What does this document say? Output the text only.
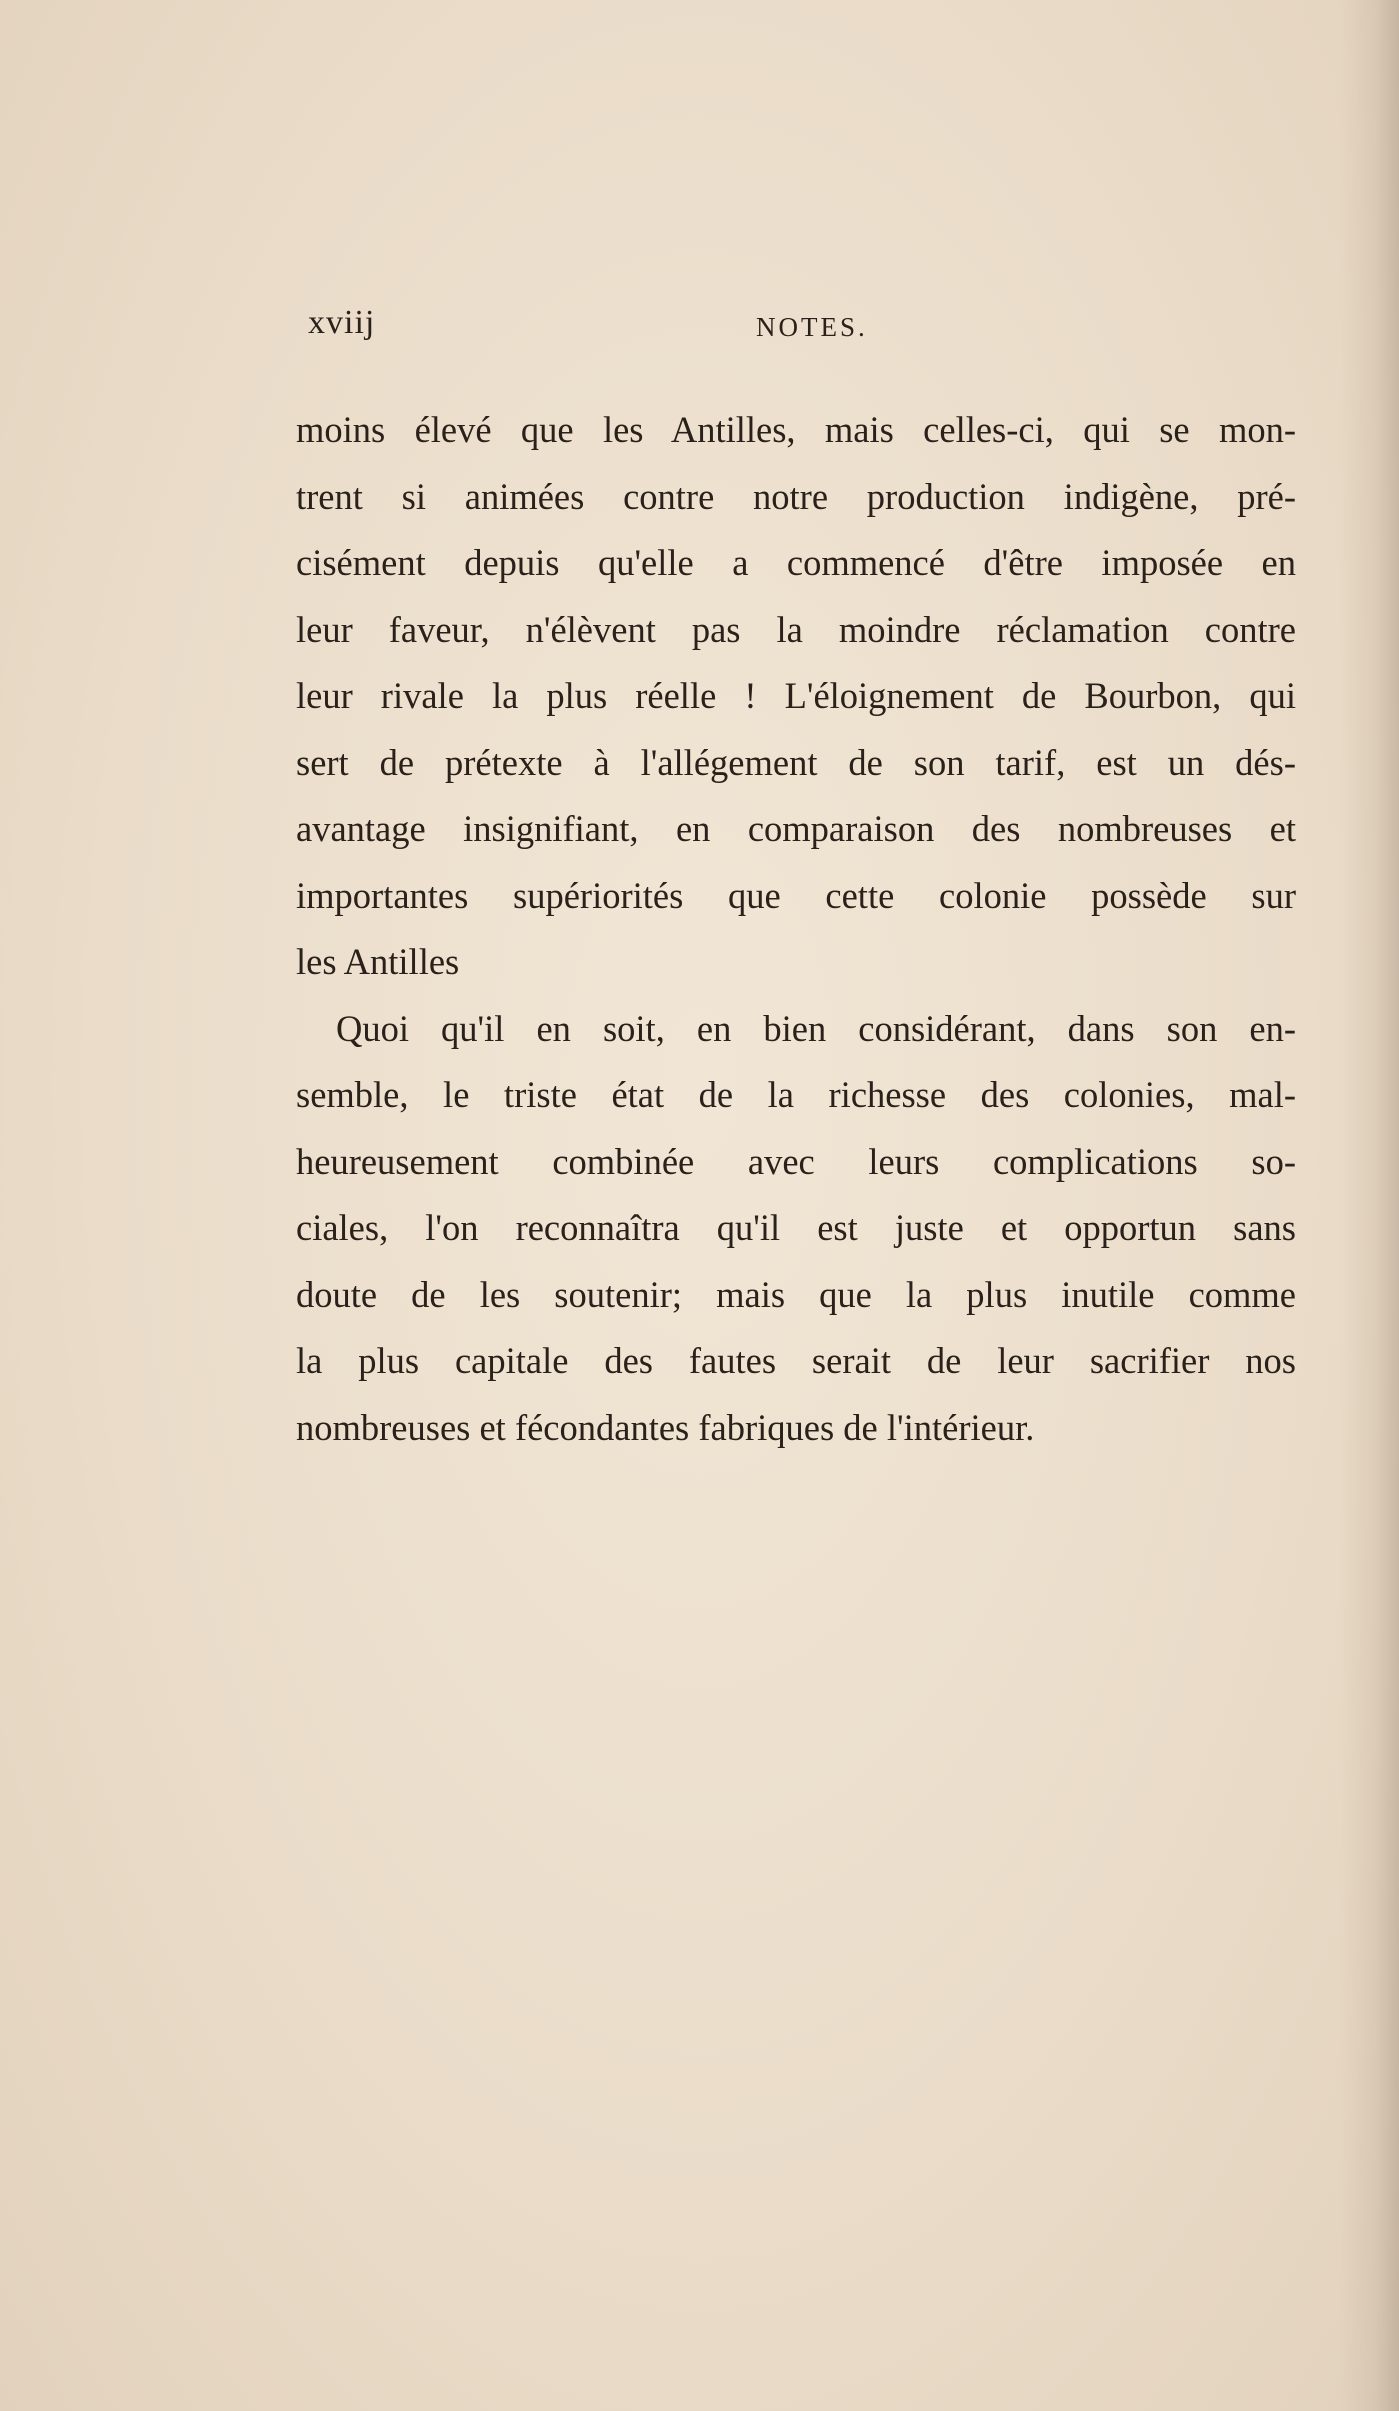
xviij	NOTES.
moins élevé que les Antilles, mais celles-ci, qui se mon-
trent si animées contre notre production indigène, pré-
cisément depuis qu'elle a commencé d'être imposée en
leur faveur, n'élèvent pas la moindre réclamation contre
leur rivale la plus réelle ! L'éloignement de Bourbon, qui
sert de prétexte à l'allégement de son tarif, est un dés-
avantage insignifiant, en comparaison des nombreuses et
importantes supériorités que cette colonie possède sur
les Antilles
Quoi qu'il en soit, en bien considérant, dans son en-
semble, le triste état de la richesse des colonies, mal-
heureusement combinée avec leurs complications so-
ciales, l'on reconnaîtra qu'il est juste et opportun sans
doute de les soutenir; mais que la plus inutile comme
la plus capitale des fautes serait de leur sacrifier nos
nombreuses et fécondantes fabriques de l'intérieur.
